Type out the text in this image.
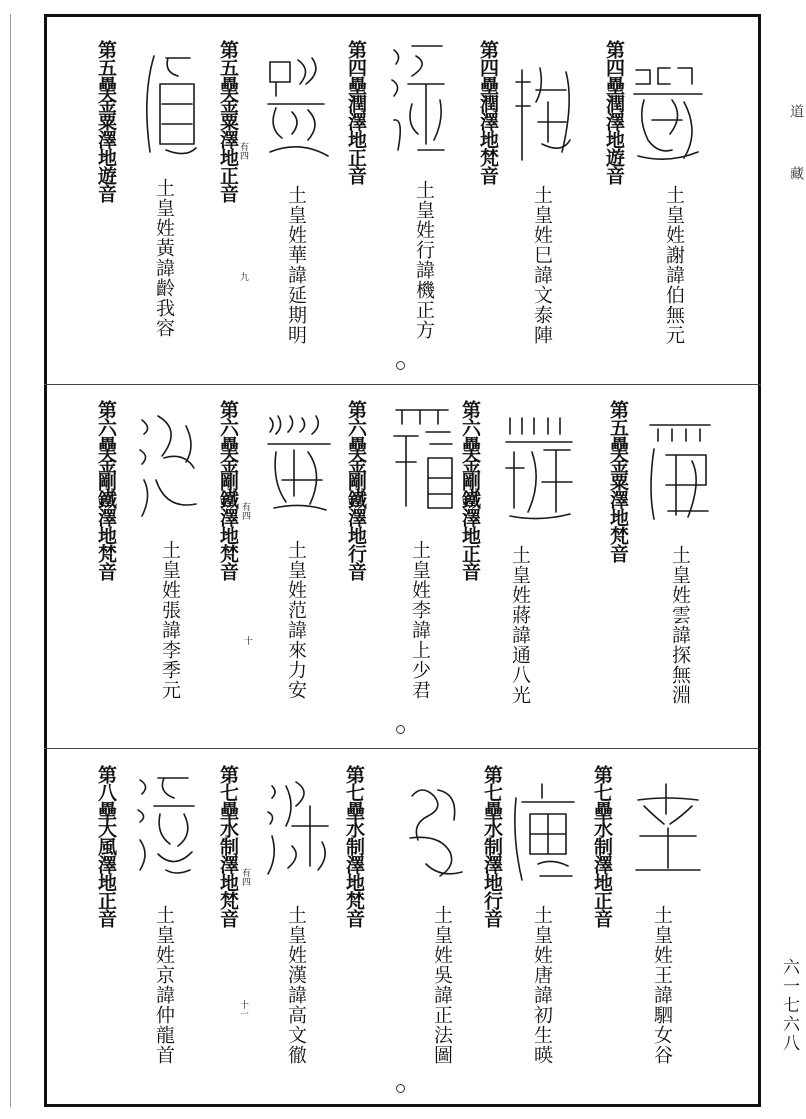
第四壘潤澤地遊音
土皇姓謝諱伯無元
第四壘潤澤地梵音
土皇姓巳諱文泰陣
第四壘潤澤地正音
土皇姓行諱機正方
第五壘金粟澤地正音
土皇姓華諱延期明
第五壘金粟澤地遊音
土皇姓黃諱齡我容
有四
九
第五壘金粟澤地梵音
土皇姓雲諱探無淵
第六壘金剛鐵澤地正音
土皇姓蔣諱通八光
第六壘金剛鐵澤地行音
土皇姓李諱上少君
第六壘金剛鐵澤地梵音
土皇姓范諱來力安
第六壘金剛鐵澤地梵音
土皇姓張諱李季元
有四
十
第七壘水制澤地正音
土皇姓王諱駟女谷
第七壘水制澤地行音
土皇姓唐諱初生暎
第七壘水制澤地梵音
土皇姓吳諱正法圖
第七壘水制澤地梵音
土皇姓漢諱高文徹
有四
十一
第八壘大風澤地正音
土皇姓京諱仲龍首
道 藏
六一七六八
